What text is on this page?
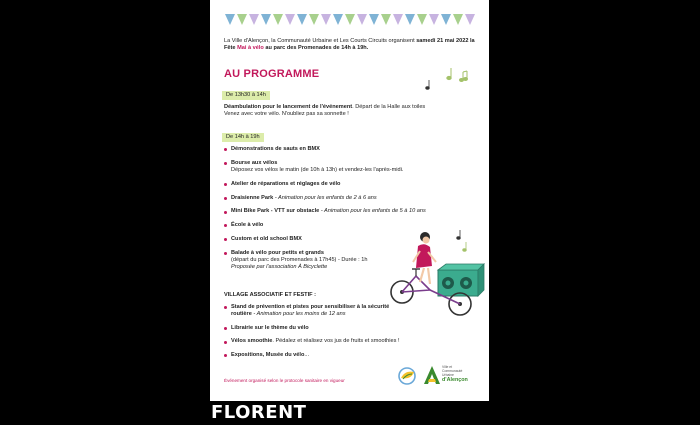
La Ville d'Alençon, la Communauté Urbaine et Les Courts Circuits organisent samedi 21 mai 2022 la Fête Mai à vélo au parc des Promenades de 14h à 19h.
AU PROGRAMME
De 13h30 à 14h
Déambulation pour le lancement de l'événement. Départ de la Halle aux toiles
Venez avec votre vélo. N'oubliez pas sa sonnette !
De 14h à 19h
Démonstrations de sauts en BMX
Bourse aux vélos
Déposez vos vélos le matin (de 10h à 13h) et vendez-les l'après-midi.
Atelier de réparations et réglages de vélo
Draisienne Park - Animation pour les enfants de 2 à 6 ans
Mini Bike Park - VTT sur obstacle - Animation pour les enfants de 5 à 10 ans
École à vélo
Custom et old school BMX
Balade à vélo pour petits et grands
(départ du parc des Promenades à 17h45) - Durée : 1h
Proposée par l'association À Bicyclette
VILLAGE ASSOCIATIF ET FESTIF :
Stand de prévention et pistes pour sensibiliser à la sécurité routière - Animation pour les moins de 12 ans
Librairie sur le thème du vélo
Vélos smoothie. Pédalez et réalisez vos jus de fruits et smoothies !
Expositions, Musée du vélo...
Événement organisé selon le protocole sanitaire en vigueur
Ville et
Communauté
Urbaine
d'Alençon
FLORENT
